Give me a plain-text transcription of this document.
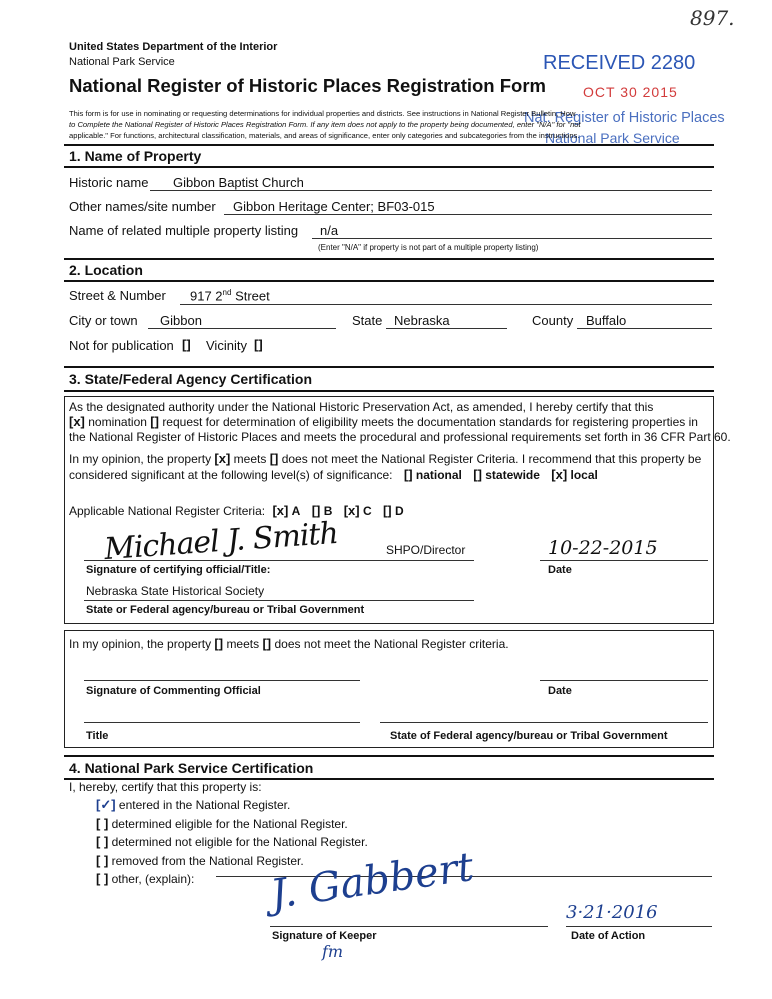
897.
United States Department of the Interior
National Park Service
National Register of Historic Places Registration Form
RECEIVED 2280
OCT 30 2015
Nat. Register of Historic Places
National Park Service
This form is for use in nominating or requesting determinations for individual properties and districts. See instructions in National Register Bulletin, How
to Complete the National Register of Historic Places Registration Form. If any item does not apply to the property being documented, enter "N/A" for "not
applicable." For functions, architectural classification, materials, and areas of significance, enter only categories and subcategories from the instructions.
1. Name of Property
Historic name Gibbon Baptist Church
Other names/site number Gibbon Heritage Center; BF03-015
Name of related multiple property listing n/a
(Enter "N/A" if property is not part of a multiple property listing)
2. Location
Street & Number 917 2nd Street
City or town Gibbon	State Nebraska	County Buffalo
Not for publication [] Vicinity []
3. State/Federal Agency Certification
As the designated authority under the National Historic Preservation Act, as amended, I hereby certify that this
[x] nomination [] request for determination of eligibility meets the documentation standards for registering properties in
the National Register of Historic Places and meets the procedural and professional requirements set forth in 36 CFR Part 60.
In my opinion, the property [x] meets [] does not meet the National Register Criteria. I recommend that this property be
considered significant at the following level(s) of significance: [] national [] statewide [x] local
Applicable National Register Criteria: [x] A [] B [x] C [] D
Michael J. Smith	SHPO/Director	10-22-2015
Signature of certifying official/Title:	Date
Nebraska State Historical Society
State or Federal agency/bureau or Tribal Government
In my opinion, the property [] meets [] does not meet the National Register criteria.
Signature of Commenting Official	Date
Title	State of Federal agency/bureau or Tribal Government
4. National Park Service Certification
I, hereby, certify that this property is:
[✓] entered in the National Register.
[ ] determined eligible for the National Register.
[ ] determined not eligible for the National Register.
[ ] removed from the National Register.
[ ] other, (explain):	J. Gabbert	3·21·2016
Signature of Keeper	Date of Action
fm
